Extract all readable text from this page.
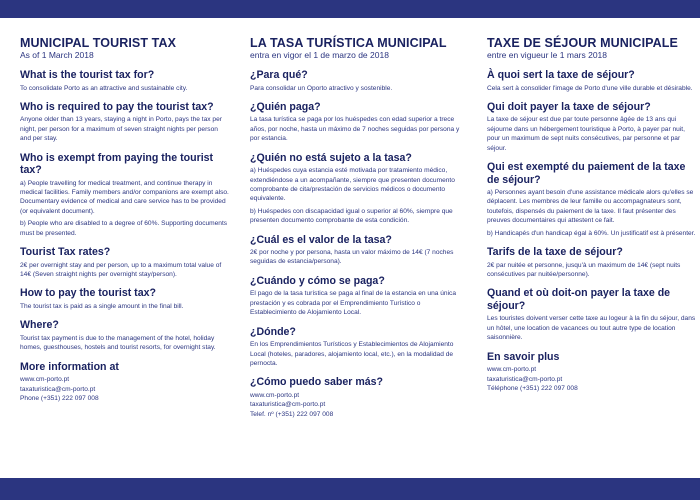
MUNICIPAL TOURIST TAX
As of 1 March 2018
What is the tourist tax for?
To consolidate Porto as an attractive and sustainable city.
Who is required to pay the tourist tax?
Anyone older than 13 years, staying a night in Porto, pays the tax per night, per person for a maximum of seven straight nights per person and per stay.
Who is exempt from paying the tourist tax?
a) People travelling for medical treatment, and continue therapy in medical facilities. Family members and/or companions are exempt also. Documentary evidence of medical and care service has to be provided (or equivalent document).
b) People who are disabled to a degree of 60%. Supporting documents must be presented.
Tourist Tax rates?
2€ per overnight stay and per person, up to a maximum total value of 14€ (Seven straight nights per overnight stay/person).
How to pay the tourist tax?
The tourist tax is paid as a single amount in the final bill.
Where?
Tourist tax payment is due to the management of the hotel, holiday homes, guesthouses, hostels and tourist resorts, for overnight stay.
More information at
www.cm-porto.pt
taxaturistica@cm-porto.pt
Phone (+351) 222 097 008
LA TASA TURÍSTICA MUNICIPAL
entra en vigor el 1 de marzo de 2018
¿Para qué?
Para consolidar un Oporto atractivo y sostenible.
¿Quién paga?
La tasa turística se paga por los huéspedes con edad superior a trece años, por noche, hasta un máximo de 7 noches seguidas por persona y por estancia.
¿Quién no está sujeto a la tasa?
a) Huéspedes cuya estancia esté motivada por tratamiento médico, extendiéndose a un acompañante, siempre que presenten documento comprobante de cita/prestación de servicios médicos o documento equivalente.
b) Huéspedes con discapacidad igual o superior al 60%, siempre que presenten documento comprobante de esta condición.
¿Cuál es el valor de la tasa?
2€ por noche y por persona, hasta un valor máximo de 14€ (7 noches seguidas de estancia/persona).
¿Cuándo y cómo se paga?
El pago de la tasa turística se paga al final de la estancia en una única prestación y es cobrada por el Emprendimiento Turístico o Establecimiento de Alojamiento Local.
¿Dónde?
En los Emprendimientos Turísticos y Establecimientos de Alojamiento Local (hoteles, paradores, alojamiento local, etc.), en la modalidad de pernocta.
¿Cómo puedo saber más?
www.cm-porto.pt
taxaturistica@cm-porto.pt
Telef. nº (+351) 222 097 008
TAXE DE SÉJOUR MUNICIPALE
entre en vigueur le 1 mars 2018
À quoi sert la taxe de séjour?
Cela sert à consolider l'image de Porto d'une ville durable et désirable.
Qui doit payer la taxe de séjour?
La taxe de séjour est due par toute personne âgée de 13 ans qui séjourne dans un hébergement touristique à Porto, à payer par nuit, pour un maximum de sept nuits consécutives, par personne et par séjour.
Qui est exempté du paiement de la taxe de séjour?
a) Personnes ayant besoin d'une assistance médicale alors qu'elles se déplacent. Les membres de leur famille ou accompagnateurs sont, toutefois, dispensés du paiement de la taxe. Il faut présenter des preuves documentaires qui attestent ce fait.
b) Handicapés d'un handicap égal à 60%. Un justificatif est à présenter.
Tarifs de la taxe de séjour?
2€ par nuitée et personne, jusqu'à un maximum de 14€ (sept nuits consécutives par nuitée/personne).
Quand et où doit-on payer la taxe de séjour?
Les touristes doivent verser cette taxe au logeur à la fin du séjour, dans un hôtel, une location de vacances ou tout autre type de location saisonnière.
En savoir plus
www.cm-porto.pt
taxaturistica@cm-porto.pt
Téléphone (+351) 222 097 008
